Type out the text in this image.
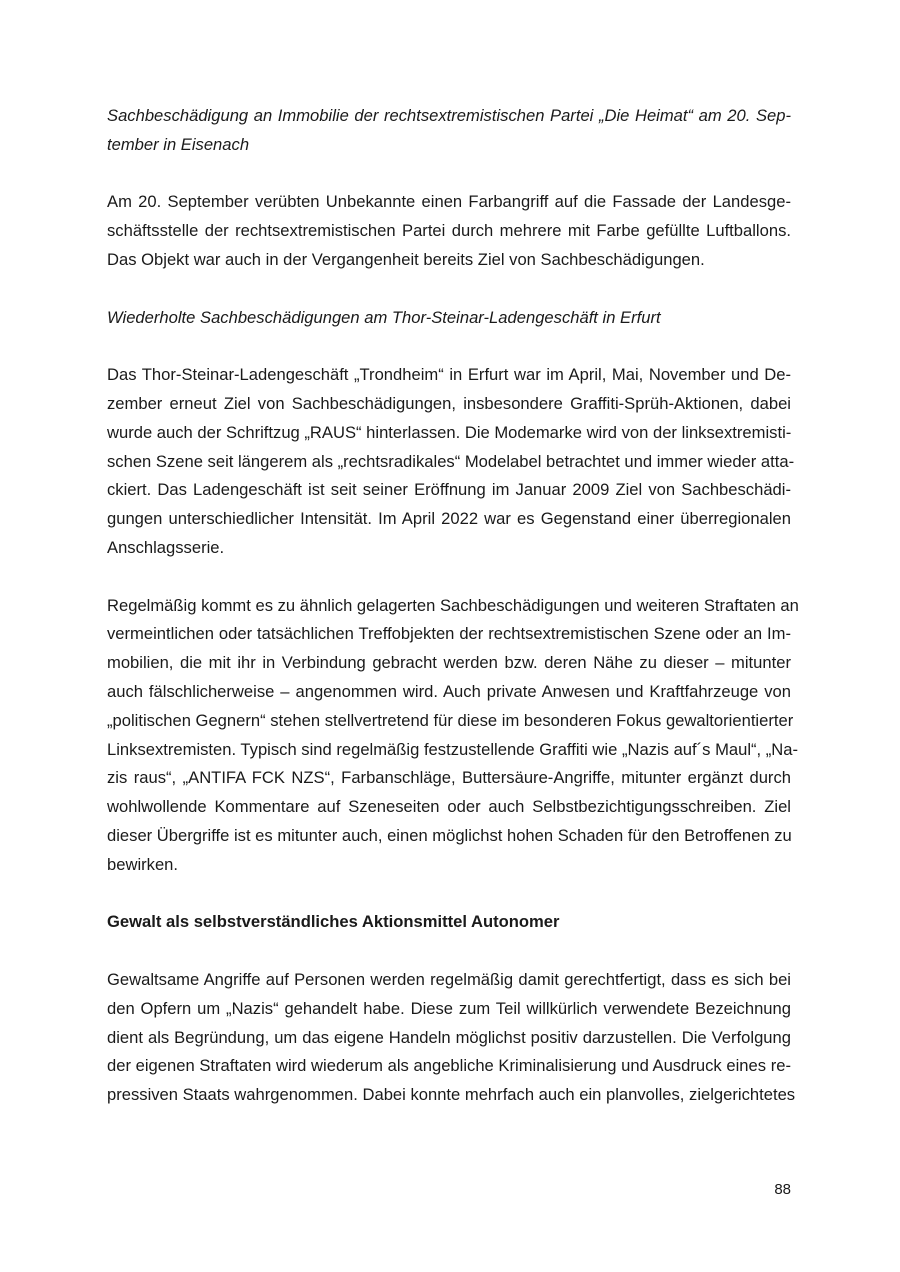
Sachbeschädigung an Immobilie der rechtsextremistischen Partei „Die Heimat“ am 20. Sep-
tember in Eisenach
Am 20. September verübten Unbekannte einen Farbangriff auf die Fassade der Landesge-
schäftsstelle der rechtsextremistischen Partei durch mehrere mit Farbe gefüllte Luftballons.
Das Objekt war auch in der Vergangenheit bereits Ziel von Sachbeschädigungen.
Wiederholte Sachbeschädigungen am Thor-Steinar-Ladengeschäft in Erfurt
Das Thor-Steinar-Ladengeschäft „Trondheim“ in Erfurt war im April, Mai, November und De-
zember erneut Ziel von Sachbeschädigungen, insbesondere Graffiti-Sprüh-Aktionen, dabei
wurde auch der Schriftzug „RAUS“ hinterlassen. Die Modemarke wird von der linksextremisti-
schen Szene seit längerem als „rechtsradikales“ Modelabel betrachtet und immer wieder atta-
ckiert. Das Ladengeschäft ist seit seiner Eröffnung im Januar 2009 Ziel von Sachbeschädi-
gungen unterschiedlicher Intensität. Im April 2022 war es Gegenstand einer überregionalen
Anschlagsserie.
Regelmäßig kommt es zu ähnlich gelagerten Sachbeschädigungen und weiteren Straftaten an
vermeintlichen oder tatsächlichen Treffobjekten der rechtsextremistischen Szene oder an Im-
mobilien, die mit ihr in Verbindung gebracht werden bzw. deren Nähe zu dieser – mitunter
auch fälschlicherweise – angenommen wird. Auch private Anwesen und Kraftfahrzeuge von
„politischen Gegnern“ stehen stellvertretend für diese im besonderen Fokus gewaltorientierter
Linksextremisten. Typisch sind regelmäßig festzustellende Graffiti wie „Nazis auf´s Maul“, „Na-
zis raus“, „ANTIFA FCK NZS“, Farbanschläge, Buttersäure-Angriffe, mitunter ergänzt durch
wohlwollende Kommentare auf Szeneseiten oder auch Selbstbezichtigungsschreiben. Ziel
dieser Übergriffe ist es mitunter auch, einen möglichst hohen Schaden für den Betroffenen zu
bewirken.
Gewalt als selbstverständliches Aktionsmittel Autonomer
Gewaltsame Angriffe auf Personen werden regelmäßig damit gerechtfertigt, dass es sich bei
den Opfern um „Nazis“ gehandelt habe. Diese zum Teil willkürlich verwendete Bezeichnung
dient als Begründung, um das eigene Handeln möglichst positiv darzustellen. Die Verfolgung
der eigenen Straftaten wird wiederum als angebliche Kriminalisierung und Ausdruck eines re-
pressiven Staats wahrgenommen. Dabei konnte mehrfach auch ein planvolles, zielgerichtetes
88
